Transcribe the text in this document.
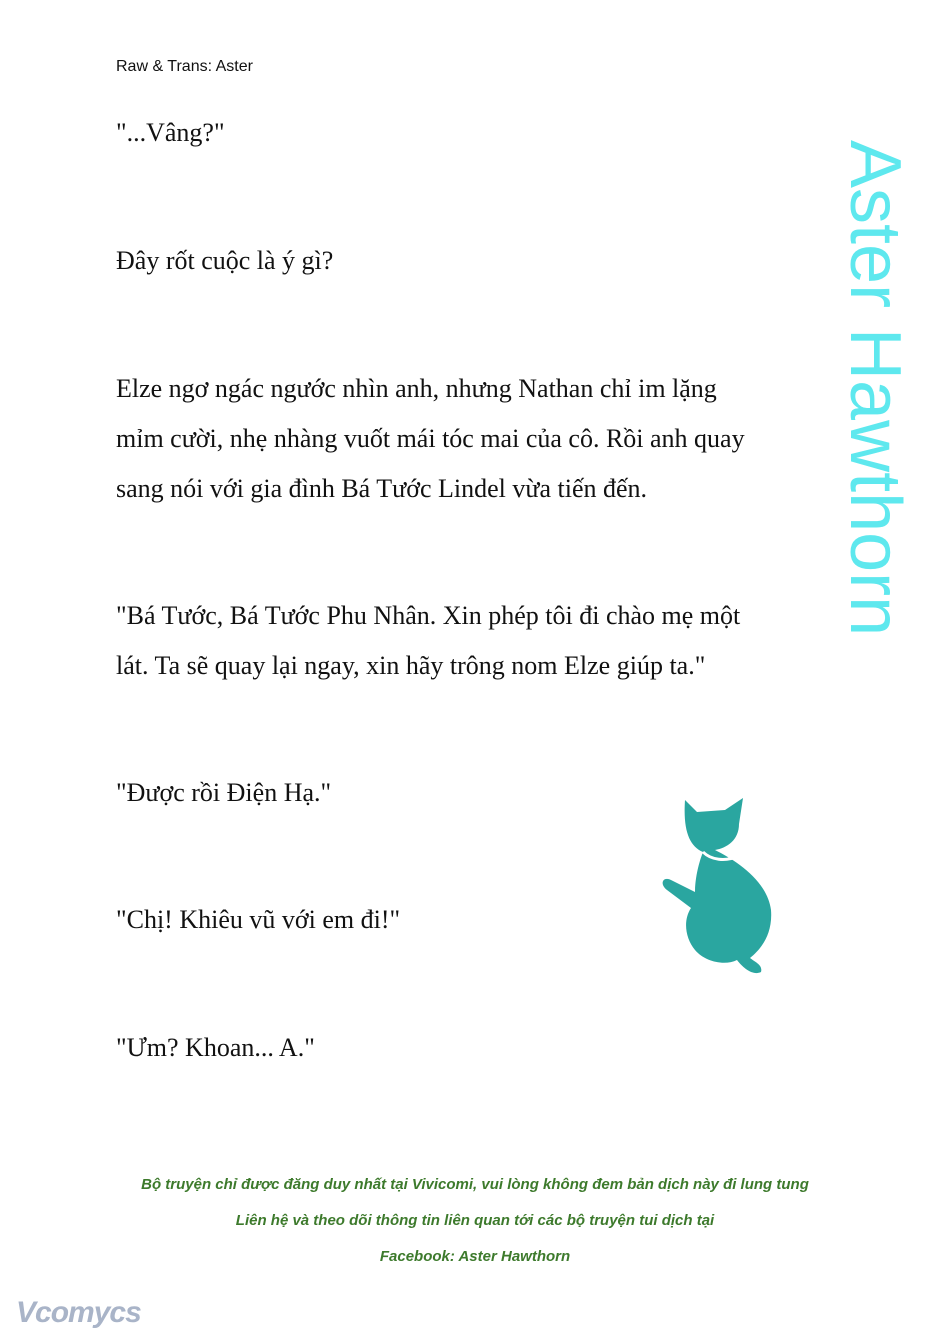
Raw & Trans: Aster
"...Vâng?"
Đây rốt cuộc là ý gì?
Elze ngơ ngác ngước nhìn anh, nhưng Nathan chỉ im lặng
mỉm cười, nhẹ nhàng vuốt mái tóc mai của cô. Rồi anh quay
sang nói với gia đình Bá Tước Lindel vừa tiến đến.
"Bá Tước, Bá Tước Phu Nhân. Xin phép tôi đi chào mẹ một
lát. Ta sẽ quay lại ngay, xin hãy trông nom Elze giúp ta."
"Được rồi Điện Hạ."
"Chị! Khiêu vũ với em đi!"
"Ưm? Khoan... A."
Aster Hawthorn
Bộ truyện chỉ được đăng duy nhất tại Vivicomi, vui lòng không đem bản dịch này đi lung tung
Liên hệ và theo dõi thông tin liên quan tới các bộ truyện tui dịch tại
Facebook: Aster Hawthorn
Vcomycs
